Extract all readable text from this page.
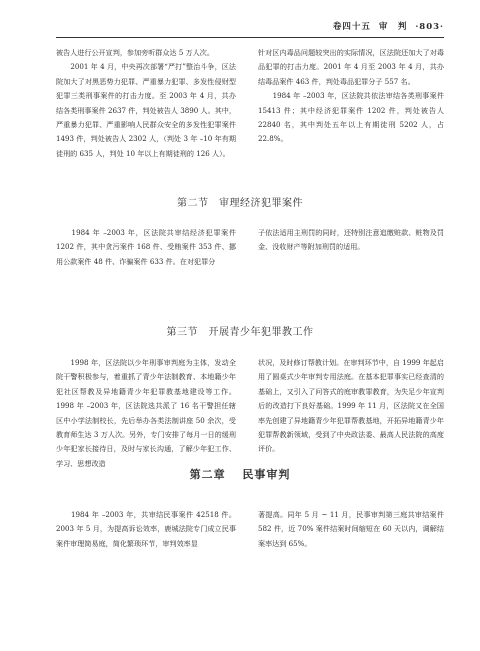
卷四十五 审　判 ·803·
被告人进行公开宣判，参加旁听群众达 5 万人次。
　　2001 年 4 月，中央再次部署“严打”整治斗争，区法院加大了对黑恶势力犯罪、严重暴力犯罪、多发性侵财型犯罪三类刑事案件的打击力度。至 2003 年 4 月，共办结各类刑事案件 2637 件，判处被告人 3890 人。其中，严重暴力犯罪、严重影响人民群众安全的多发性犯罪案件 1493 件，判处被告人 2302 人，（判处 3 年 –10 年有期徒刑的 635 人，判处 10 年以上有期徒刑的 126 人）。
针对区内毒品问题较突出的实际情况，区法院还加大了对毒品犯罪的打击力度。2001 年 4 月至 2003 年 4 月，共办结毒品案件 463 件，判处毒品犯罪分子 557 名。
　　1984 年 –2003 年，区法院共依法审结各类刑事案件 15413 件；其中经济犯罪案件 1202 件，判处被告人 22840 名，其中判处五年以上有期徒刑 5202 人，占 22.8%。
第二节　审理经济犯罪案件
　　1984 年 –2003 年，区法院共审结经济犯罪案件 1202 件，其中贪污案件 168 件、受贿案件 353 件、挪用公款案件 48 件、诈骗案件 633 件。在对犯罪分
子依法适用主刑罚的同时，还特别注意追缴赃款、赃物及罚金、没收财产等附加刑罚的适用。
第三节　开展青少年犯罪教工作
　　1998 年，区法院以少年刑事审判庭为主体，发动全院干警积极参与，着重抓了青少年法制教育、本地籍少年犯社区帮教及异地籍青少年犯罪教基地建设等工作。1998 年 –2003 年，区法院选共派了 16 名干警担任辖区中小学法制校长，先后举办各类法制讲座 50 余次，受教育师生达 3 万人次。另外，专门安排了每月一日的缓刑少年犯家长接待日，及时与家长沟通，了解少年犯工作、学习、思想改造
状况，及时修订帮教计划。在审判环节中，自 1999 年起启用了圆桌式少年审判专用法庭。在基本犯罪事实已经查清的基础上，又引入了问答式的庭审教罪教育，为失足少年宣判后的改造打下良好基础。1999 年 11 月，区法院又在全国率先创建了异地籍青少年犯罪帮教基地，开拓异地籍青少年犯罪帮教新领域，受到了中央政法委、最高人民法院的高度评价。
第二章 民事审判
　　1984 年 –2003 年，共审结民事案件 42518 件。2003 年 5 月，为提高诉讼效率，鹿城法院专门成立民事案件审理简易庭，简化繁琐环节，审判效率显
著提高。同年 5 月 ~ 11 月，民事审判第三庭共审结案件 582 件，近 70% 案件结案时间缩短在 60 天以内，调解结案率达到 65%。
